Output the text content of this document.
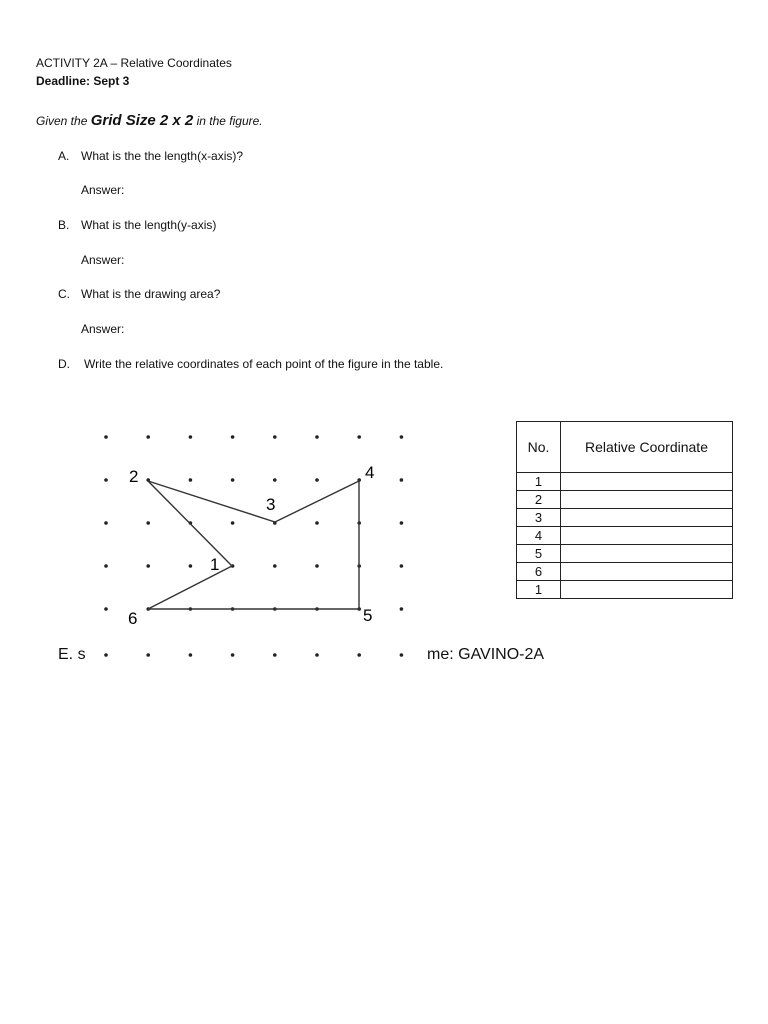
ACTIVITY 2A – Relative Coordinates
Deadline: Sept 3
Given the Grid Size 2 x 2 in the figure.
A. What is the the length(x-axis)?
Answer:
B. What is the length(y-axis)
Answer:
C. What is the drawing area?
Answer:
D. Write the relative coordinates of each point of the figure in the table.
2
3
4
1
5
6
No.	Relative Coordinate
1	
2	
3	
4	
5	
6	
1	
E. s	me: GAVINO-2A
